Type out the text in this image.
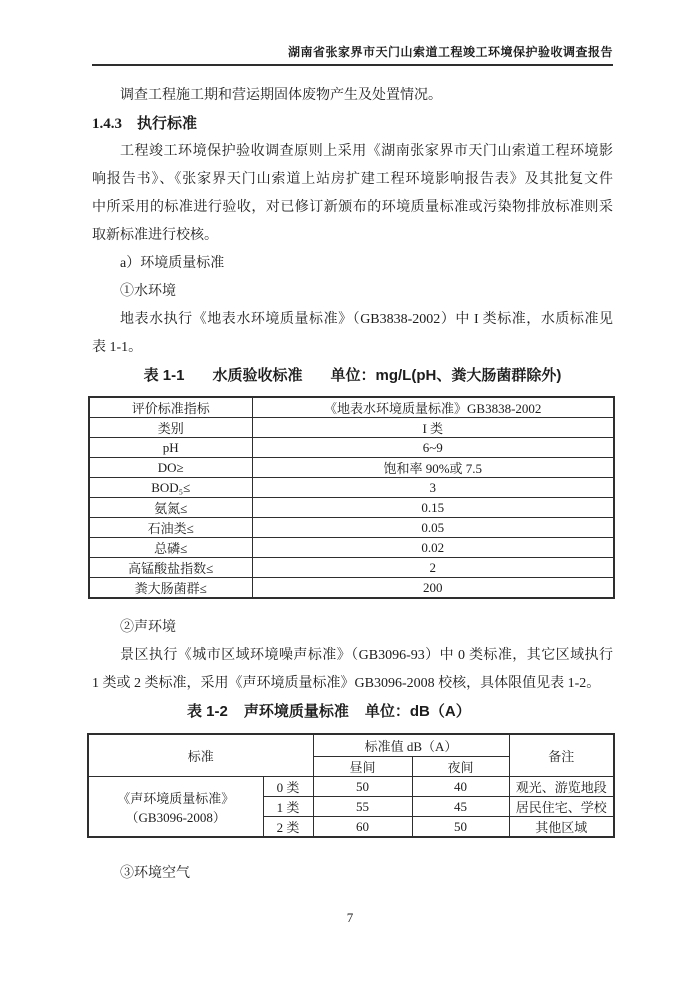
湖南省张家界市天门山索道工程竣工环境保护验收调查报告
调查工程施工期和营运期固体废物产生及处置情况。
1.4.3　执行标准
工程竣工环境保护验收调查原则上采用《湖南张家界市天门山索道工程环境影
响报告书》、《张家界天门山索道上站房扩建工程环境影响报告表》及其批复文件
中所采用的标准进行验收，对已修订新颁布的环境质量标准或污染物排放标准则采
取新标准进行校核。
a）环境质量标准
①水环境
地表水执行《地表水环境质量标准》（GB3838-2002）中 I 类标准，水质标准见
表 1-1。
表 1-1 水质验收标准 单位：mg/L(pH、粪大肠菌群除外)
评价标准指标	《地表水环境质量标准》GB3838-2002
类别	I 类
pH	6~9
DO≥	饱和率 90%或 7.5
BOD₅≤	3
氨氮≤	0.15
石油类≤	0.05
总磷≤	0.02
高锰酸盐指数≤	2
粪大肠菌群≤	200
②声环境
景区执行《城市区域环境噪声标准》（GB3096-93）中 0 类标准，其它区域执行
1 类或 2 类标准，采用《声环境质量标准》GB3096-2008 校核，具体限值见表 1-2。
表 1-2 声环境质量标准 单位：dB（A）
标准		标准值 dB（A）		备注
		昼间	夜间	

《声环境质量标准》
（GB3096-2008）	0 类	50	40	观光、游览地段
	1 类	55	45	居民住宅、学校
	2 类	60	50	其他区域
③环境空气
7
